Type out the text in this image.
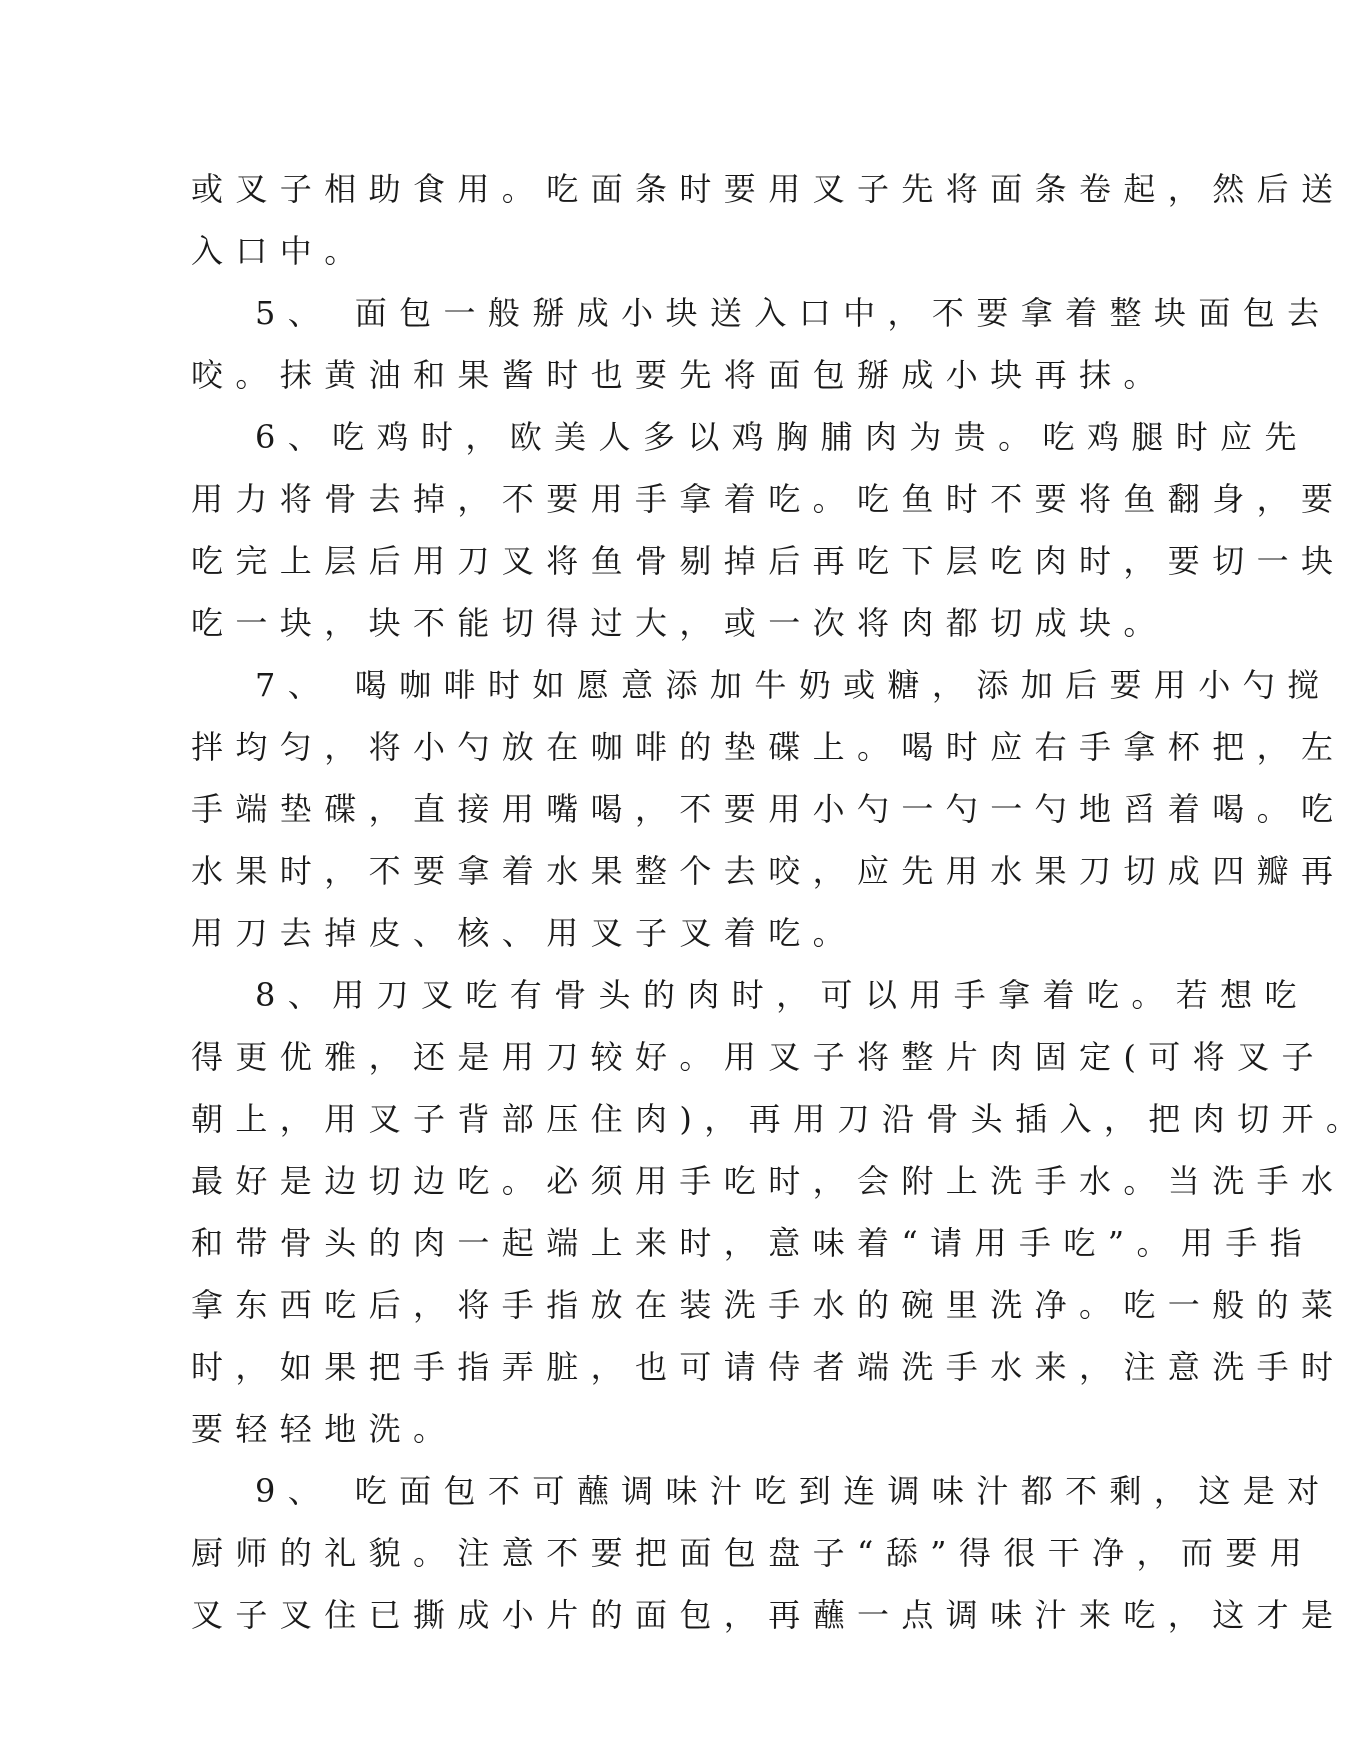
或叉子相助食用。吃面条时要用叉子先将面条卷起，然后送
入口中。
5、 面包一般掰成小块送入口中，不要拿着整块面包去
咬。抹黄油和果酱时也要先将面包掰成小块再抹。
6、吃鸡时，欧美人多以鸡胸脯肉为贵。吃鸡腿时应先
用力将骨去掉，不要用手拿着吃。吃鱼时不要将鱼翻身，要
吃完上层后用刀叉将鱼骨剔掉后再吃下层吃肉时，要切一块
吃一块，块不能切得过大，或一次将肉都切成块。
7、 喝咖啡时如愿意添加牛奶或糖，添加后要用小勺搅
拌均匀，将小勺放在咖啡的垫碟上。喝时应右手拿杯把，左
手端垫碟，直接用嘴喝，不要用小勺一勺一勺地舀着喝。吃
水果时，不要拿着水果整个去咬，应先用水果刀切成四瓣再
用刀去掉皮、核、用叉子叉着吃。
8、用刀叉吃有骨头的肉时，可以用手拿着吃。若想吃
得更优雅，还是用刀较好。用叉子将整片肉固定(可将叉子
朝上，用叉子背部压住肉)，再用刀沿骨头插入，把肉切开。
最好是边切边吃。必须用手吃时，会附上洗手水。当洗手水
和带骨头的肉一起端上来时，意味着“请用手吃”。用手指
拿东西吃后，将手指放在装洗手水的碗里洗净。吃一般的菜
时，如果把手指弄脏，也可请侍者端洗手水来，注意洗手时
要轻轻地洗。
9、 吃面包不可蘸调味汁吃到连调味汁都不剩，这是对
厨师的礼貌。注意不要把面包盘子“舔”得很干净，而要用
叉子叉住已撕成小片的面包，再蘸一点调味汁来吃，这才是
